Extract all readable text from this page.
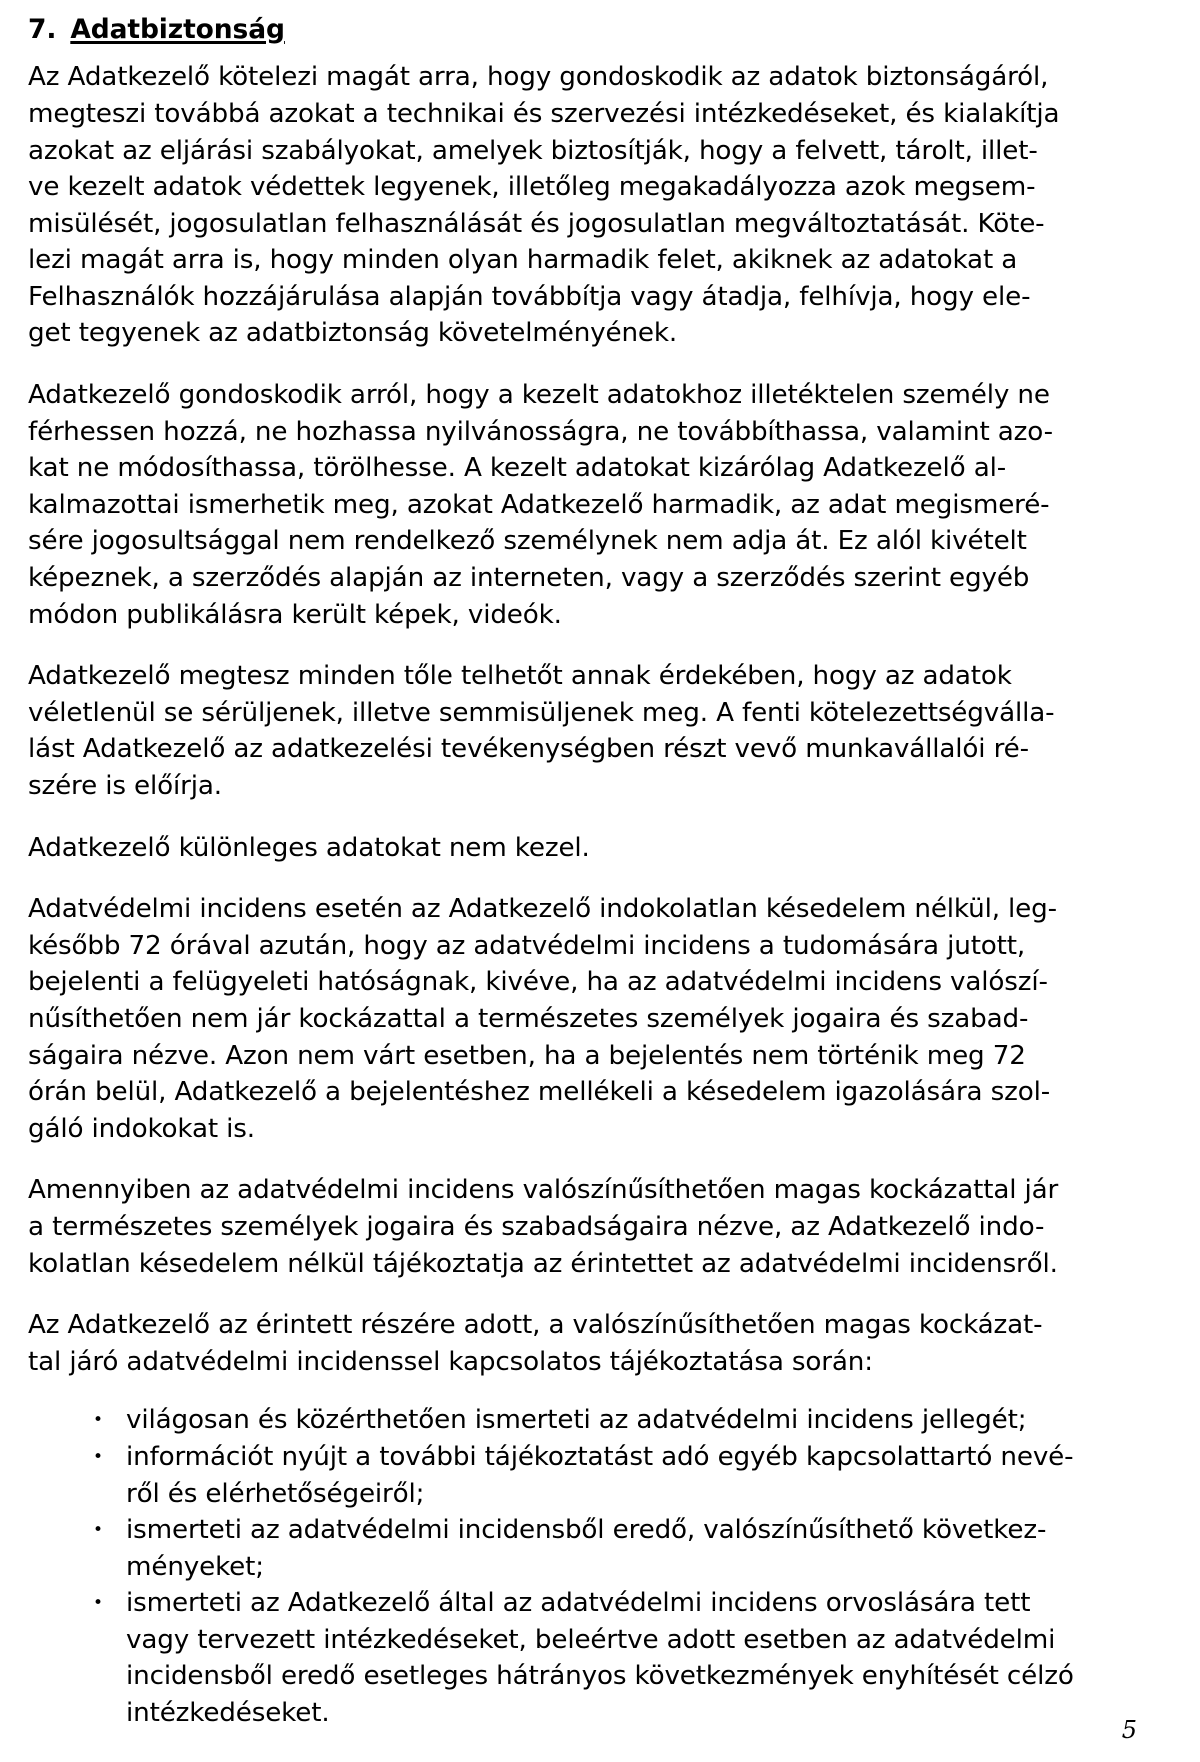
7. Adatbiztonság
Az Adatkezelő kötelezi magát arra, hogy gondoskodik az adatok biztonságáról,
megteszi továbbá azokat a technikai és szervezési intézkedéseket, és kialakítja
azokat az eljárási szabályokat, amelyek biztosítják, hogy a felvett, tárolt, illet-
ve kezelt adatok védettek legyenek, illetőleg megakadályozza azok megsem-
misülését, jogosulatlan felhasználását és jogosulatlan megváltoztatását. Köte-
lezi magát arra is, hogy minden olyan harmadik felet, akiknek az adatokat a
Felhasználók hozzájárulása alapján továbbítja vagy átadja, felhívja, hogy ele-
get tegyenek az adatbiztonság követelményének.
Adatkezelő gondoskodik arról, hogy a kezelt adatokhoz illetéktelen személy ne
férhessen hozzá, ne hozhassa nyilvánosságra, ne továbbíthassa, valamint azo-
kat ne módosíthassa, törölhesse. A kezelt adatokat kizárólag Adatkezelő al-
kalmazottai ismerhetik meg, azokat Adatkezelő harmadik, az adat megismeré-
sére jogosultsággal nem rendelkező személynek nem adja át. Ez alól kivételt
képeznek, a szerződés alapján az interneten, vagy a szerződés szerint egyéb
módon publikálásra került képek, videók.
Adatkezelő megtesz minden tőle telhetőt annak érdekében, hogy az adatok
véletlenül se sérüljenek, illetve semmisüljenek meg. A fenti kötelezettségválla-
lást Adatkezelő az adatkezelési tevékenységben részt vevő munkavállalói ré-
szére is előírja.
Adatkezelő különleges adatokat nem kezel.
Adatvédelmi incidens esetén az Adatkezelő indokolatlan késedelem nélkül, leg-
később 72 órával azután, hogy az adatvédelmi incidens a tudomására jutott,
bejelenti a felügyeleti hatóságnak, kivéve, ha az adatvédelmi incidens valószí-
nűsíthetően nem jár kockázattal a természetes személyek jogaira és szabad-
ságaira nézve. Azon nem várt esetben, ha a bejelentés nem történik meg 72
órán belül, Adatkezelő a bejelentéshez mellékeli a késedelem igazolására szol-
gáló indokokat is.
Amennyiben az adatvédelmi incidens valószínűsíthetően magas kockázattal jár
a természetes személyek jogaira és szabadságaira nézve, az Adatkezelő indo-
kolatlan késedelem nélkül tájékoztatja az érintettet az adatvédelmi incidensről.
Az Adatkezelő az érintett részére adott, a valószínűsíthetően magas kockázat-
tal járó adatvédelmi incidenssel kapcsolatos tájékoztatása során:
• világosan és közérthetően ismerteti az adatvédelmi incidens jellegét;
• információt nyújt a további tájékoztatást adó egyéb kapcsolattartó nevé-
ről és elérhetőségeiről;
• ismerteti az adatvédelmi incidensből eredő, valószínűsíthető következ-
ményeket;
• ismerteti az Adatkezelő által az adatvédelmi incidens orvoslására tett
vagy tervezett intézkedéseket, beleértve adott esetben az adatvédelmi
incidensből eredő esetleges hátrányos következmények enyhítését célzó
intézkedéseket.
5
